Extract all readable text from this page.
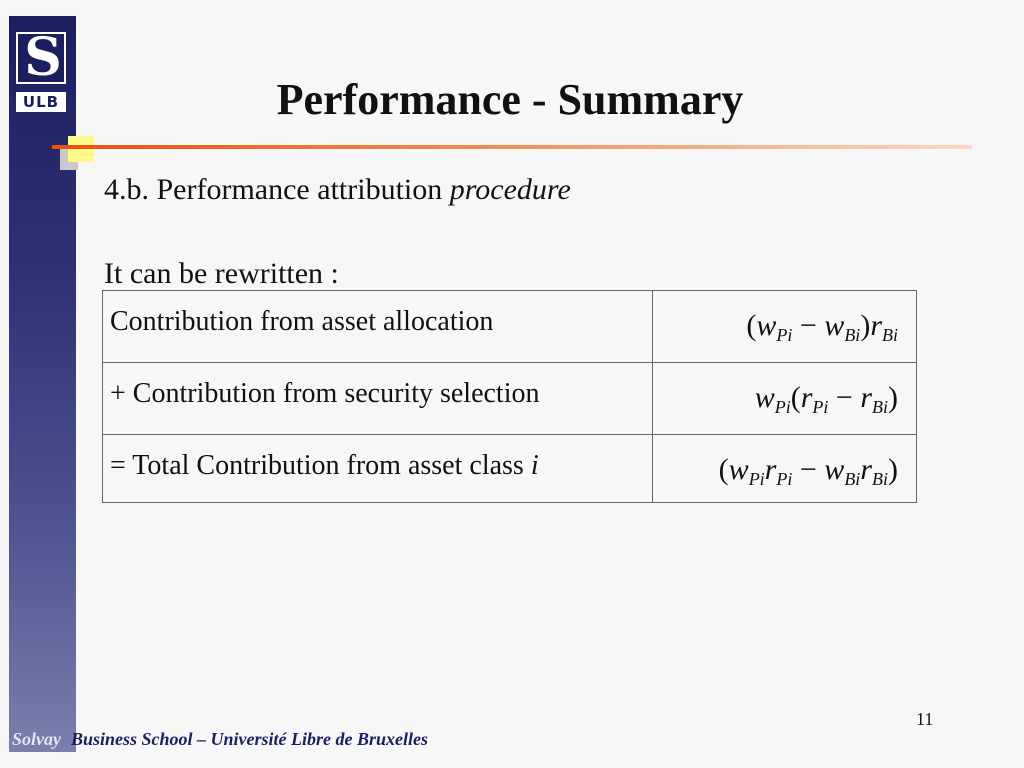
S
ULB	Performance - Summary
4.b. Performance attribution procedure
It can be rewritten :
Contribution from asset allocation	$(w_{Pi} - w_{Bi})r_{Bi}$
+ Contribution from security selection	$w_{Pi}(r_{Pi} - r_{Bi})$
= Total Contribution from asset class i	$(w_{Pi}r_{Pi} - w_{Bi}r_{Bi})$
11
Solvay Business School – Université Libre de Bruxelles
